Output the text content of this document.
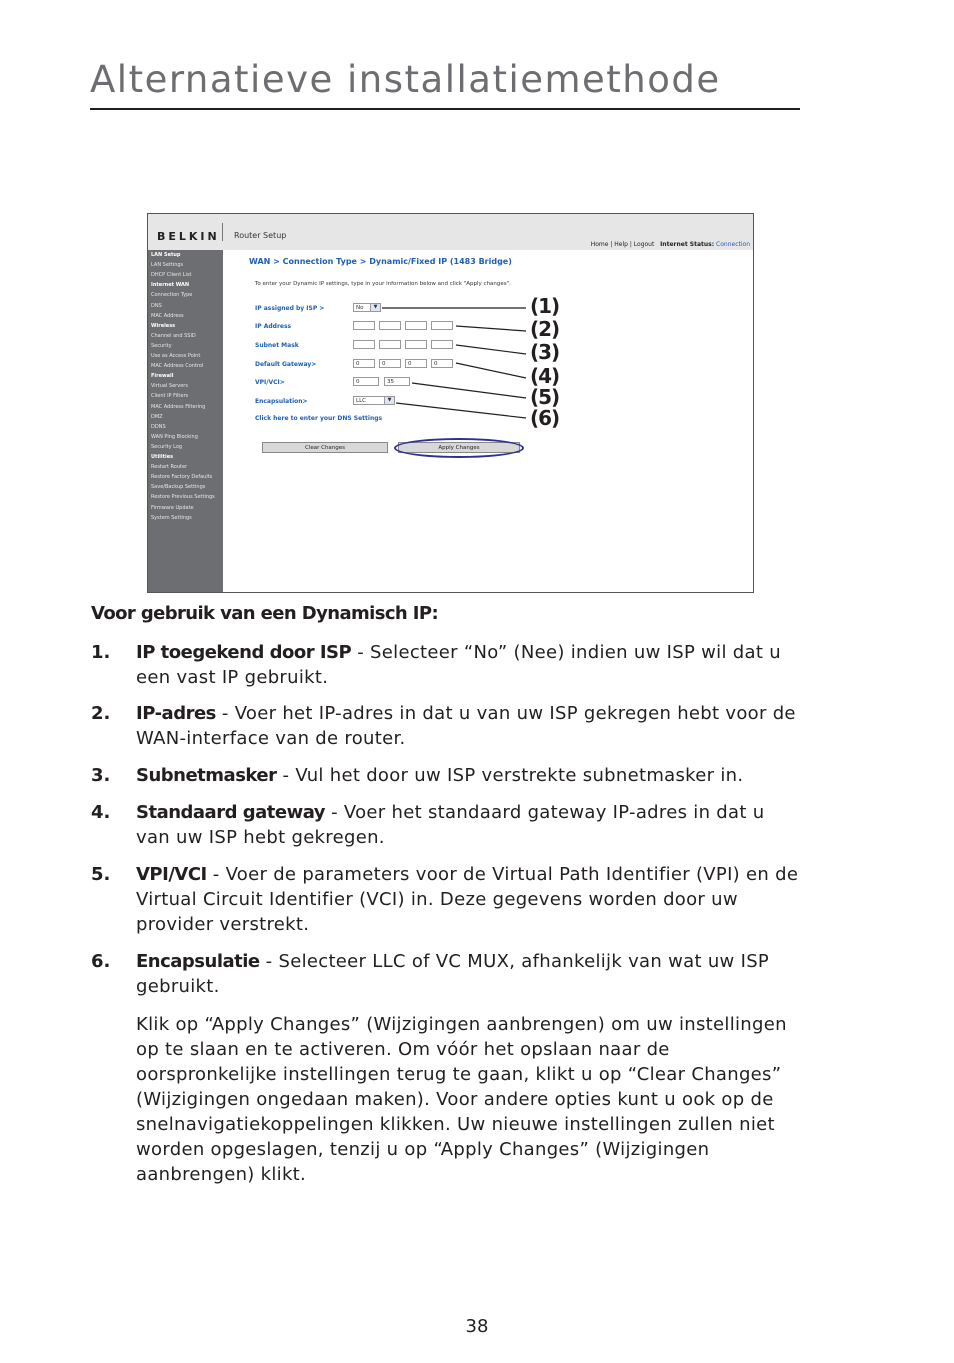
Alternatieve installatiemethode
BELKIN Router Setup
Home | Help | Logout Internet Status: Connection
LAN Setup
LAN Settings
DHCP Client List
Internet WAN
Connection Type
DNS
MAC Address
Wireless
Channel and SSID
Security
Use as Access Point
MAC Address Control
Firewall
Virtual Servers
Client IP Filters
MAC Address Filtering
DMZ
DDNS
WAN Ping Blocking
Security Log
Utilities
Restart Router
Restore Factory Defaults
Save/Backup Settings
Restore Previous Settings
Firmware Update
System Settings
WAN > Connection Type > Dynamic/Fixed IP (1483 Bridge)
To enter your Dynamic IP settings, type in your information below and click "Apply changes".
IP assigned by ISP >	No	▼
IP Address
Subnet Mask
Default Gateway>	0	0	0	0
VPI/VCI>	0	35
Encapsulation>	LLC	▼
Click here to enter your DNS Settings
Clear Changes	Apply Changes
(1)
(2)
(3)
(4)
(5)
(6)
Voor gebruik van een Dynamisch IP:
1. IP toegekend door ISP - Selecteer “No” (Nee) indien uw ISP wil dat u een vast IP gebruikt.
2. IP-adres - Voer het IP-adres in dat u van uw ISP gekregen hebt voor de WAN-interface van de router.
3. Subnetmasker - Vul het door uw ISP verstrekte subnetmasker in.
4. Standaard gateway - Voer het standaard gateway IP-adres in dat u van uw ISP hebt gekregen.
5. VPI/VCI - Voer de parameters voor de Virtual Path Identifier (VPI) en de Virtual Circuit Identifier (VCI) in. Deze gegevens worden door uw provider verstrekt.
6. Encapsulatie - Selecteer LLC of VC MUX, afhankelijk van wat uw ISP gebruikt.
Klik op “Apply Changes” (Wijzigingen aanbrengen) om uw instellingen op te slaan en te activeren. Om vóór het opslaan naar de oorspronkelijke instellingen terug te gaan, klikt u op “Clear Changes” (Wijzigingen ongedaan maken). Voor andere opties kunt u ook op de snelnavigatiekoppelingen klikken. Uw nieuwe instellingen zullen niet worden opgeslagen, tenzij u op “Apply Changes” (Wijzigingen aanbrengen) klikt.
38
